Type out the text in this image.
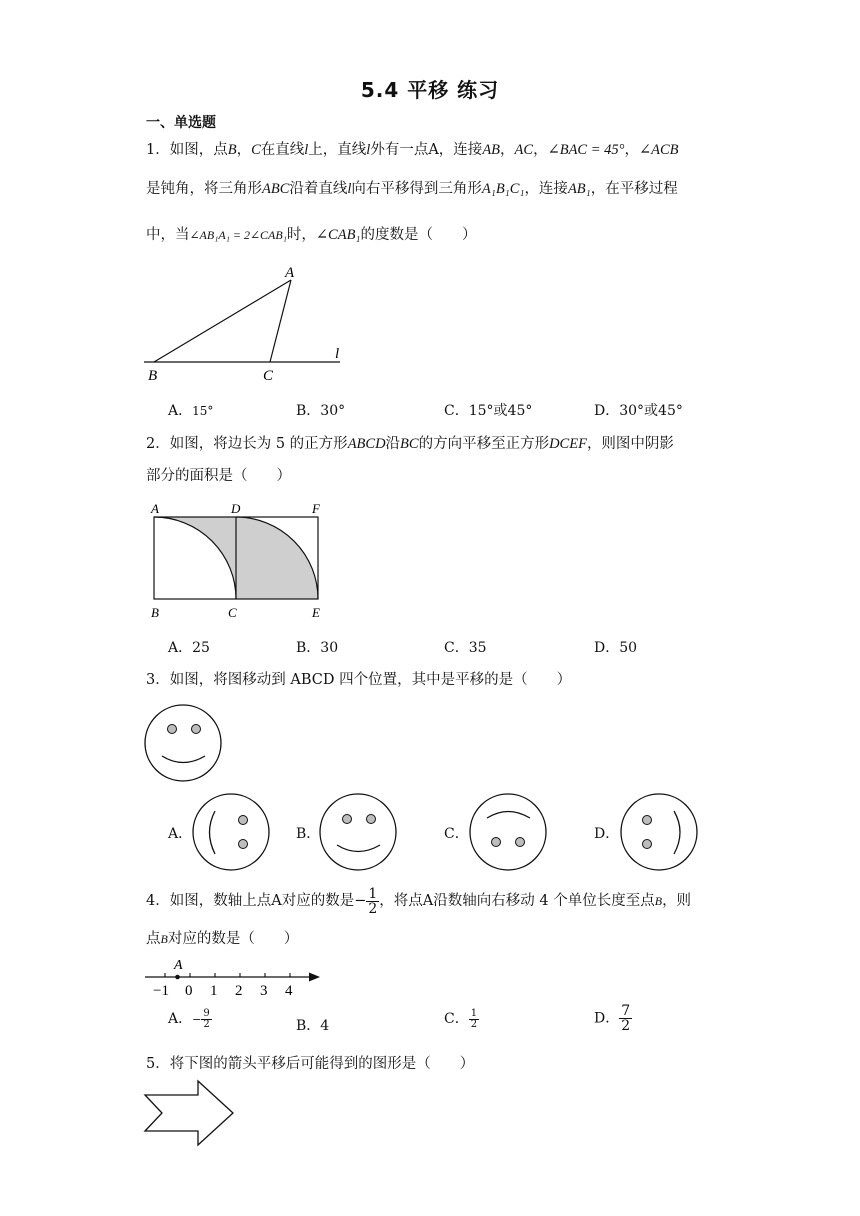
5.4 平移 练习
一、单选题
1．如图，点B，C在直线l上，直线l外有一点A，连接AB，AC，∠BAC = 45°，∠ACB
是钝角，将三角形ABC沿着直线l向右平移得到三角形A₁B₁C₁，连接AB₁，在平移过程
中，当∠AB₁A₁ = 2∠CAB₁时，∠CAB₁的度数是（　　）
A
B	C
l
A．15°	B．30°	C．15°或45°	D．30°或45°
2．如图，将边长为 5 的正方形ABCD沿BC的方向平移至正方形DCEF，则图中阴影
部分的面积是（　　）
A	D	F
B	C	E
A．25	B．30	C．35	D．50
3．如图，将图移动到 ABCD 四个位置，其中是平移的是（　　）
A．	B．	C．	D．
4．如图，数轴上点A对应的数是− $\frac{1}{2}$ ，将点A沿数轴向右移动 4 个单位长度至点B，则
点B对应的数是（　　）
A
−1 0 1 2 3 4
A．− $\frac{9}{2}$	B．4	C． $\frac{1}{2}$	D． $\frac{7}{2}$
5．将下图的箭头平移后可能得到的图形是（　　）
